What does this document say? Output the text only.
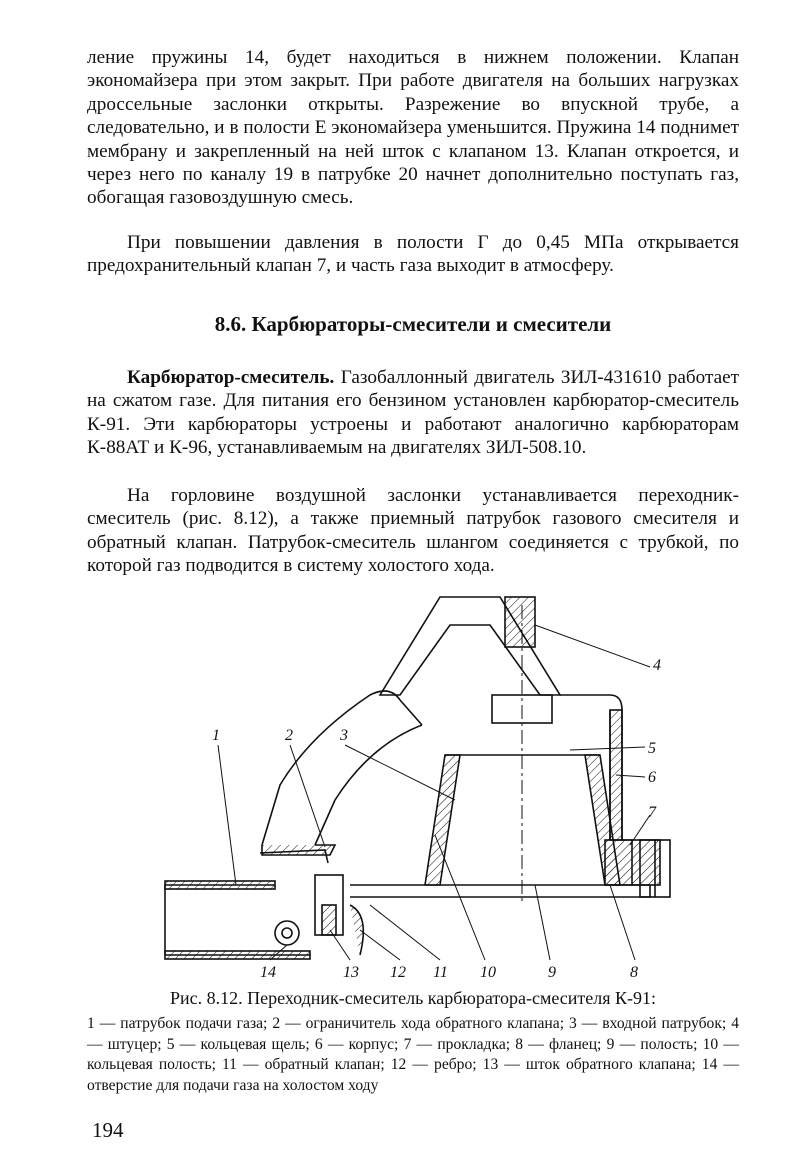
ление пружины 14, будет находиться в нижнем положении. Клапан экономайзера при этом закрыт. При работе двигателя на больших нагрузках дроссельные заслонки открыты. Разрежение во впускной трубе, а следовательно, и в полости Е экономайзера уменьшится. Пружина 14 поднимет мембрану и закрепленный на ней шток с клапаном 13. Клапан откроется, и через него по каналу 19 в патрубке 20 начнет дополнительно поступать газ, обогащая газовоздушную смесь.

При повышении давления в полости Г до 0,45 МПа открывается предохранительный клапан 7, и часть газа выходит в атмосферу.

8.6. Карбюраторы-смесители и смесители

Карбюратор-смеситель. Газобаллонный двигатель ЗИЛ-431610 работает на сжатом газе. Для питания его бензином установлен карбюратор-смеситель К-91. Эти карбюраторы устроены и работают аналогично карбюраторам К-88АТ и К-96, устанавливаемым на двигателях ЗИЛ-508.10.

На горловине воздушной заслонки устанавливается переходник-смеситель (рис. 8.12), а также приемный патрубок газового смесителя и обратный клапан. Патрубок-смеситель шлангом соединяется с трубкой, по которой газ подводится в систему холостого хода.

1	2	3
4
5
6
7
8
9
10
11
12
13
14
Рис. 8.12. Переходник-смеситель карбюратора-смесителя К-91:
1 — патрубок подачи газа; 2 — ограничитель хода обратного клапана; 3 — входной патрубок; 4 — штуцер; 5 — кольцевая щель; 6 — корпус; 7 — прокладка; 8 — фланец; 9 — полость; 10 — кольцевая полость; 11 — обратный клапан; 12 — ребро; 13 — шток обратного клапана; 14 — отверстие для подачи газа на холостом ходу
194
